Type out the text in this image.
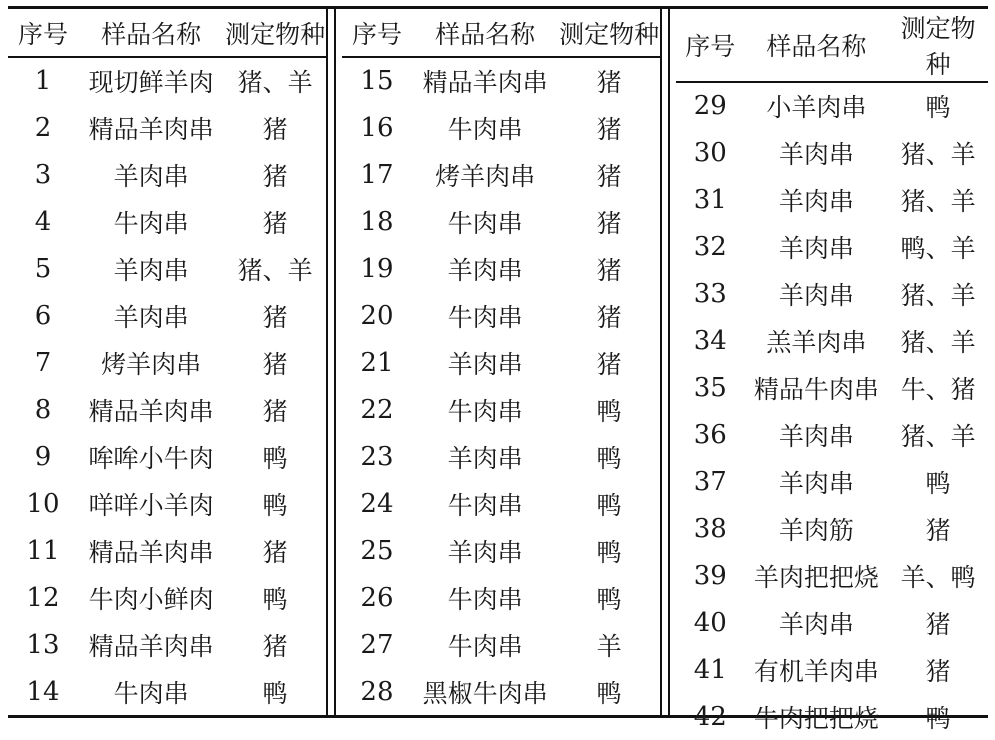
序号	样品名称	测定物种
1	现切鲜羊肉	猪、羊
2	精品羊肉串	猪
3	羊肉串	猪
4	牛肉串	猪
5	羊肉串	猪、羊
6	羊肉串	猪
7	烤羊肉串	猪
8	精品羊肉串	猪
9	哞哞小牛肉	鸭
10	咩咩小羊肉	鸭
11	精品羊肉串	猪
12	牛肉小鲜肉	鸭
13	精品羊肉串	猪
14	牛肉串	鸭
序号	样品名称	测定物种
15	精品羊肉串	猪
16	牛肉串	猪
17	烤羊肉串	猪
18	牛肉串	猪
19	羊肉串	猪
20	牛肉串	猪
21	羊肉串	猪
22	牛肉串	鸭
23	羊肉串	鸭
24	牛肉串	鸭
25	羊肉串	鸭
26	牛肉串	鸭
27	牛肉串	羊
28	黑椒牛肉串	鸭
序号	样品名称	测定物种
29	小羊肉串	鸭
30	羊肉串	猪、羊
31	羊肉串	猪、羊
32	羊肉串	鸭、羊
33	羊肉串	猪、羊
34	羔羊肉串	猪、羊
35	精品牛肉串	牛、猪
36	羊肉串	猪、羊
37	羊肉串	鸭
38	羊肉筋	猪
39	羊肉把把烧	羊、鸭
40	羊肉串	猪
41	有机羊肉串	猪
42	牛肉把把烧	鸭
